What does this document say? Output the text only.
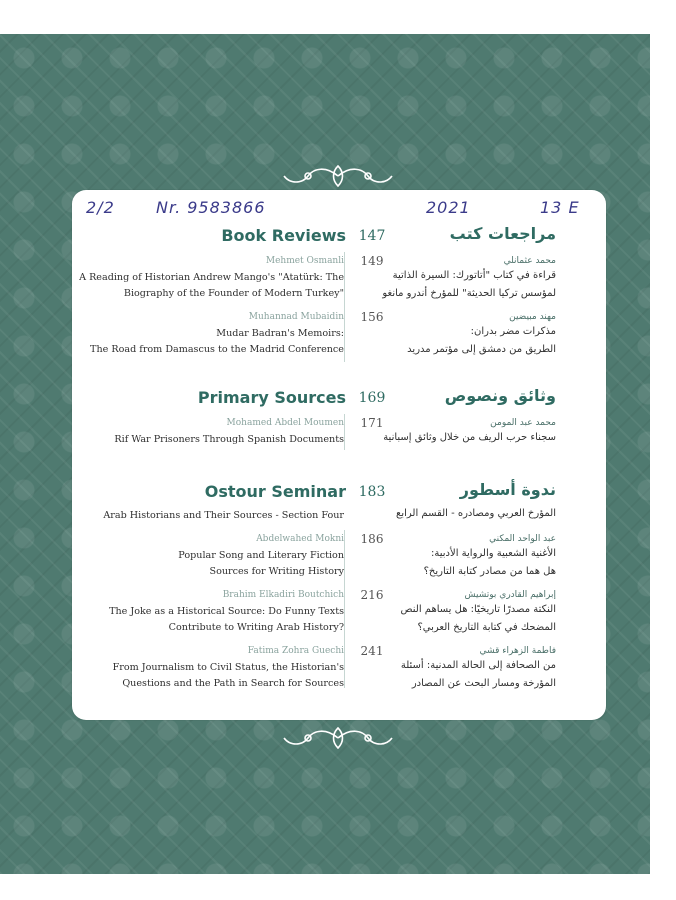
2/2	Nr. 9583866	2021	13 E
Book Reviews 147	مراجعات كتب
Mehmet Osmanli	149	محمد عثمانلي
A Reading of Historian Andrew Mango's "Atatürk: The
Biography of the Founder of Modern Turkey"
قراءة في كتاب "أتاتورك: السيرة الذاتية
لمؤسس تركيا الحديثة" للمؤرخ أندرو مانغو
Muhannad Mubaidin	156	مهند مبيضين
Mudar Badran's Memoirs:
The Road from Damascus to the Madrid Conference
مذكرات مضر بدران:
الطريق من دمشق إلى مؤتمر مدريد
Primary Sources 169	وثائق ونصوص
Mohamed Abdel Moumen	171	محمد عبد المومن
Rif War Prisoners Through Spanish Documents	سجناء حرب الريف من خلال وثائق إسبانية
Ostour Seminar 183	ندوة أسطور
Arab Historians and Their Sources - Section Four	المؤرخ العربي ومصادره - القسم الرابع
Abdelwahed Mokni	186	عبد الواحد المكني
Popular Song and Literary Fiction
Sources for Writing History
الأغنية الشعبية والرواية الأدبية:
هل هما من مصادر كتابة التاريخ؟
Brahim Elkadiri Boutchich	216	إبراهيم القادري بوتشيش
The Joke as a Historical Source: Do Funny Texts
Contribute to Writing Arab History?
النكتة مصدرًا تاريخيًا: هل يساهم النص
المضحك في كتابة التاريخ العربي؟
Fatima Zohra Guechi	241	فاطمة الزهراء قشي
From Journalism to Civil Status, the Historian's
Questions and the Path in Search for Sources
من الصحافة إلى الحالة المدنية: أسئلة
المؤرخة ومسار البحث عن المصادر
